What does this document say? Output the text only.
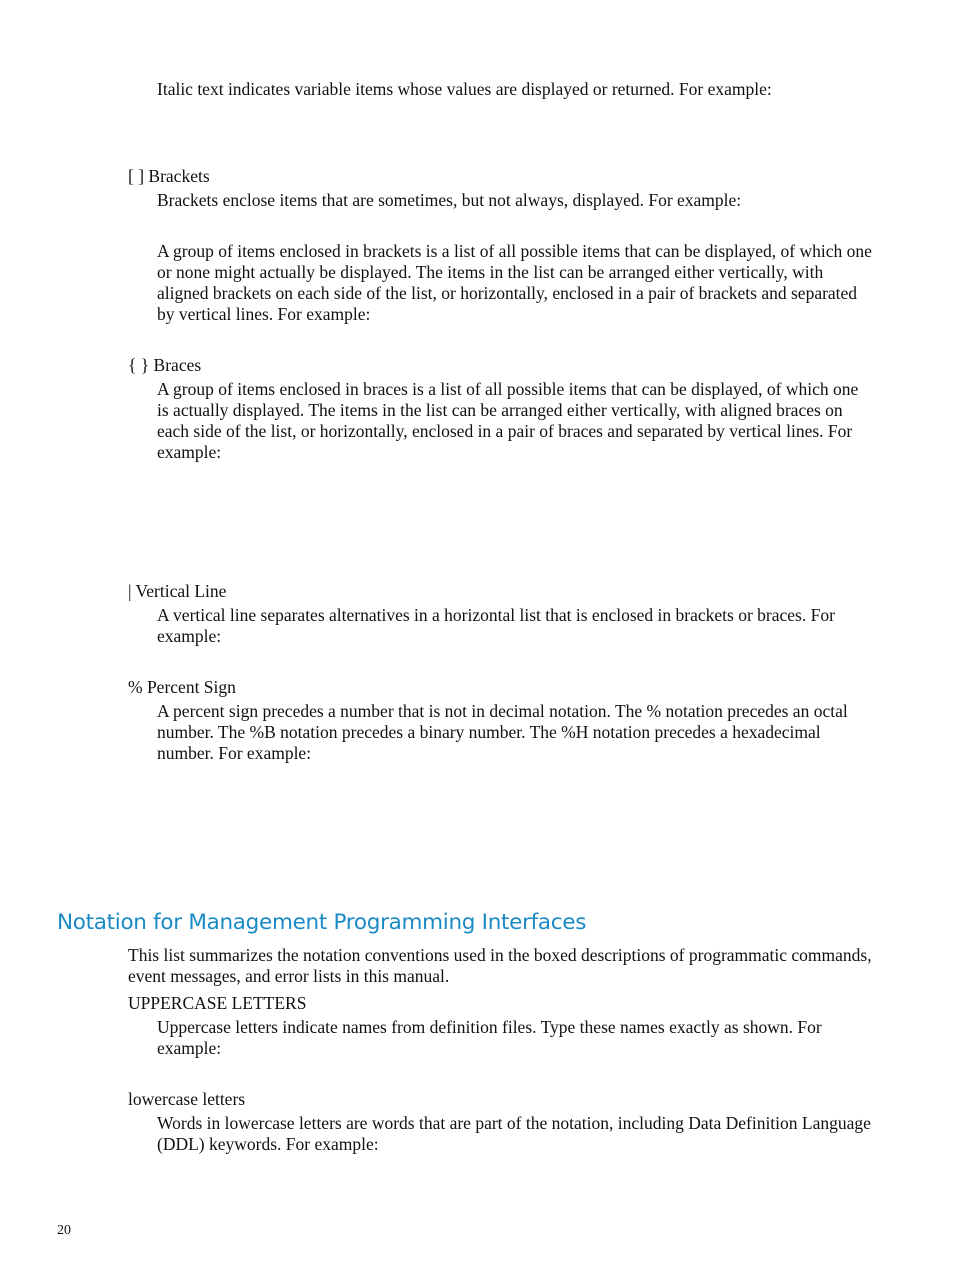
Italic text indicates variable items whose values are displayed or returned. For example:

[ ] Brackets

Brackets enclose items that are sometimes, but not always, displayed. For example:

A group of items enclosed in brackets is a list of all possible items that can be displayed, of which one or none might actually be displayed. The items in the list can be arranged either vertically, with aligned brackets on each side of the list, or horizontally, enclosed in a pair of brackets and separated by vertical lines. For example:

{ } Braces

A group of items enclosed in braces is a list of all possible items that can be displayed, of which one is actually displayed. The items in the list can be arranged either vertically, with aligned braces on each side of the list, or horizontally, enclosed in a pair of braces and separated by vertical lines. For example:

| Vertical Line

A vertical line separates alternatives in a horizontal list that is enclosed in brackets or braces. For example:

% Percent Sign

A percent sign precedes a number that is not in decimal notation. The % notation precedes an octal number. The %B notation precedes a binary number. The %H notation precedes a hexadecimal number. For example:

Notation for Management Programming Interfaces

This list summarizes the notation conventions used in the boxed descriptions of programmatic commands, event messages, and error lists in this manual.

UPPERCASE LETTERS

Uppercase letters indicate names from definition files. Type these names exactly as shown. For example:

lowercase letters

Words in lowercase letters are words that are part of the notation, including Data Definition Language (DDL) keywords. For example:

20
